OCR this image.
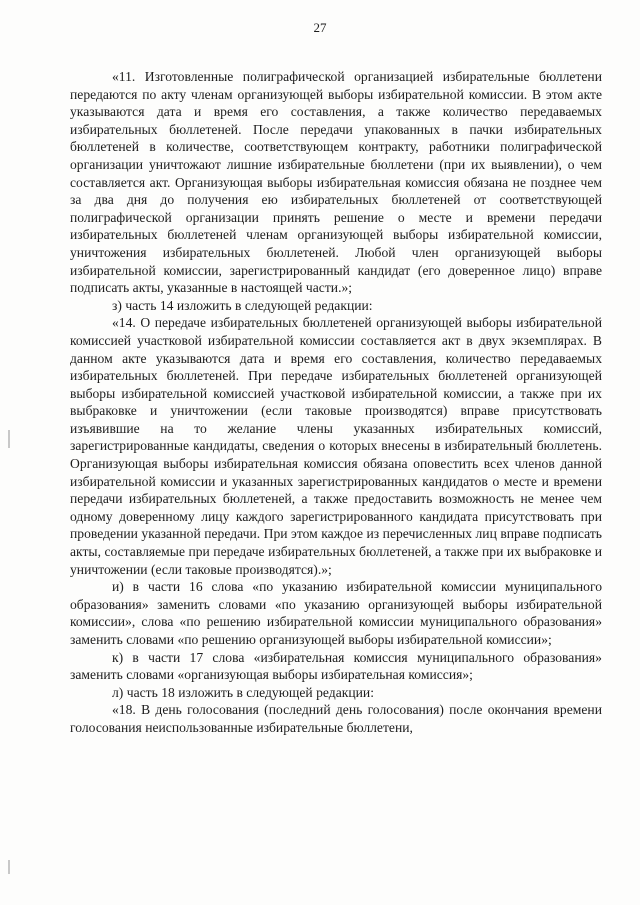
27

«11. Изготовленные полиграфической организацией избирательные бюллетени передаются по акту членам организующей выборы избирательной комиссии. В этом акте указываются дата и время его составления, а также количество передаваемых избирательных бюллетеней. После передачи упакованных в пачки избирательных бюллетеней в количестве, соответствующем контракту, работники полиграфической организации уничтожают лишние избирательные бюллетени (при их выявлении), о чем составляется акт. Организующая выборы избирательная комиссия обязана не позднее чем за два дня до получения ею избирательных бюллетеней от соответствующей полиграфической организации принять решение о месте и времени передачи избирательных бюллетеней членам организующей выборы избирательной комиссии, уничтожения избирательных бюллетеней. Любой член организующей выборы избирательной комиссии, зарегистрированный кандидат (его доверенное лицо) вправе подписать акты, указанные в настоящей части.»;

з) часть 14 изложить в следующей редакции:

«14. О передаче избирательных бюллетеней организующей выборы избирательной комиссией участковой избирательной комиссии составляется акт в двух экземплярах. В данном акте указываются дата и время его составления, количество передаваемых избирательных бюллетеней. При передаче избирательных бюллетеней организующей выборы избирательной комиссией участковой избирательной комиссии, а также при их выбраковке и уничтожении (если таковые производятся) вправе присутствовать изъявившие на то желание члены указанных избирательных комиссий, зарегистрированные кандидаты, сведения о которых внесены в избирательный бюллетень. Организующая выборы избирательная комиссия обязана оповестить всех членов данной избирательной комиссии и указанных зарегистрированных кандидатов о месте и времени передачи избирательных бюллетеней, а также предоставить возможность не менее чем одному доверенному лицу каждого зарегистрированного кандидата присутствовать при проведении указанной передачи. При этом каждое из перечисленных лиц вправе подписать акты, составляемые при передаче избирательных бюллетеней, а также при их выбраковке и уничтожении (если таковые производятся).»;

и) в части 16 слова «по указанию избирательной комиссии муниципального образования» заменить словами «по указанию организующей выборы избирательной комиссии», слова «по решению избирательной комиссии муниципального образования» заменить словами «по решению организующей выборы избирательной комиссии»;

к) в части 17 слова «избирательная комиссия муниципального образования» заменить словами «организующая выборы избирательная комиссия»;

л) часть 18 изложить в следующей редакции:

«18. В день голосования (последний день голосования) после окончания времени голосования неиспользованные избирательные бюллетени,
